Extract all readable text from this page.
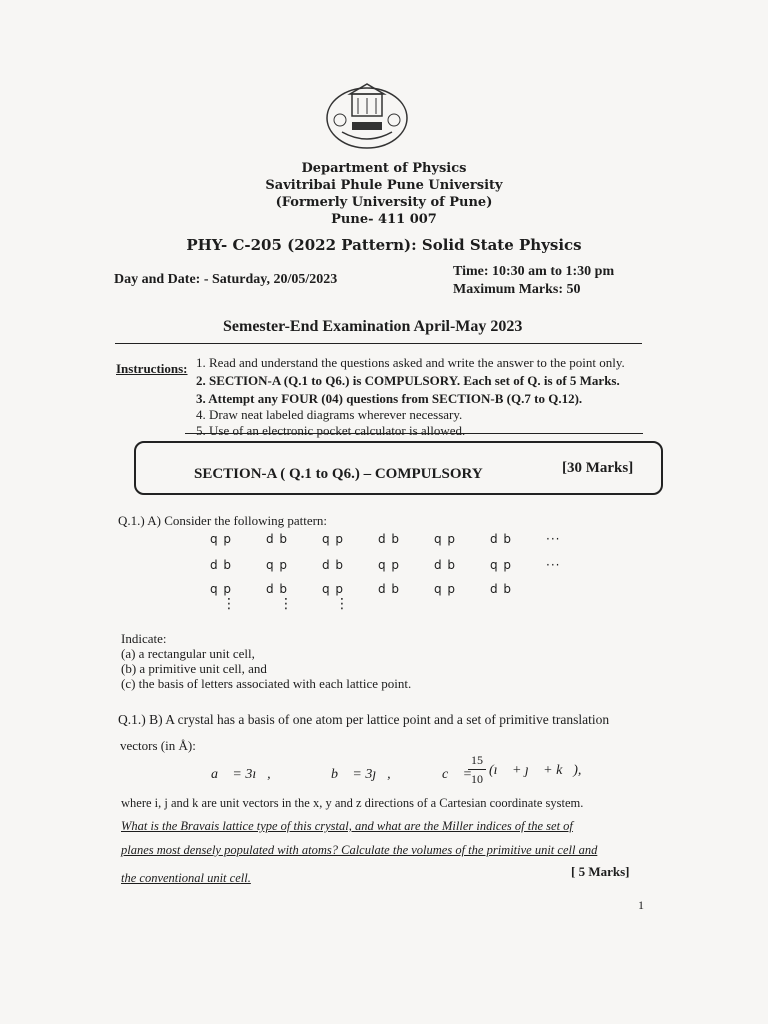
Department of Physics
Savitribai Phule Pune University
(Formerly University of Pune)
Pune- 411 007
PHY- C-205 (2022 Pattern): Solid State Physics
Day and Date: - Saturday, 20/05/2023
Time: 10:30 am to 1:30 pm
Maximum Marks: 50
Semester-End Examination April-May 2023
Instructions: 1. Read and understand the questions asked and write the answer to the point only.
2. SECTION-A (Q.1 to Q6.) is COMPULSORY. Each set of Q. is of 5 Marks.
3. Attempt any FOUR (04) questions from SECTION-B (Q.7 to Q.12).
4. Draw neat labeled diagrams wherever necessary.
5. Use of an electronic pocket calculator is allowed.
SECTION-A ( Q.1 to Q6.) – COMPULSORY	[30 Marks]
Q.1.) A) Consider the following pattern:
q p	d b	q p	d b	q p	d b	···
d b	q p	d b	q p	d b	q p	···
q p	d b	q p	d b	q p	d b
⋮	⋮	⋮
Indicate:
(a) a rectangular unit cell,
(b) a primitive unit cell, and
(c) the basis of letters associated with each lattice point.
Q.1.) B) A crystal has a basis of one atom per lattice point and a set of primitive translation
vectors (in Å):
a⃗ = 3ı⃗,	b⃗ = 3ȷ⃗,	c⃗ =
15
10
(ı⃗ + ȷ⃗ + k⃗),
where i, j and k are unit vectors in the x, y and z directions of a Cartesian coordinate system.
What is the Bravais lattice type of this crystal, and what are the Miller indices of the set of
planes most densely populated with atoms? Calculate the volumes of the primitive unit cell and
the conventional unit cell.	[ 5 Marks]
1
